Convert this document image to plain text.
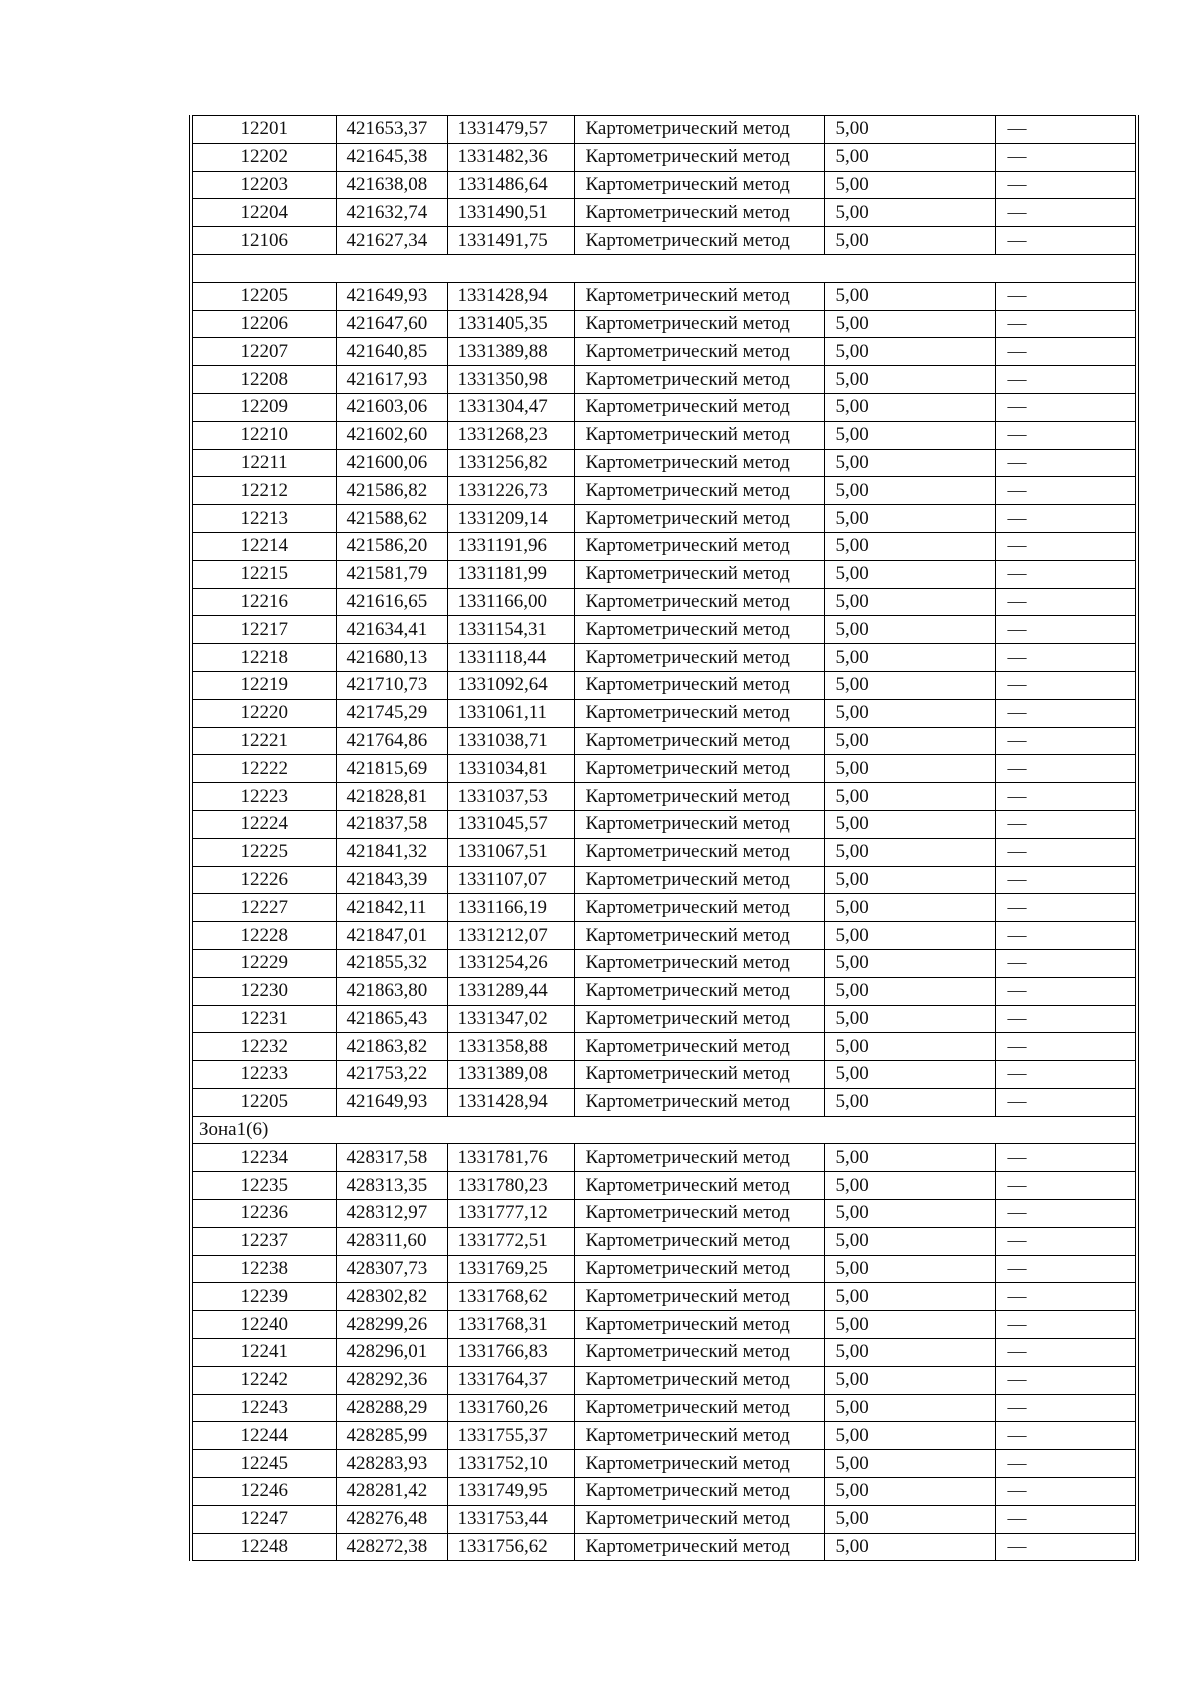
12201	421653,37	1331479,57	Картометрический метод	5,00	—
12202	421645,38	1331482,36	Картометрический метод	5,00	—
12203	421638,08	1331486,64	Картометрический метод	5,00	—
12204	421632,74	1331490,51	Картометрический метод	5,00	—
12106	421627,34	1331491,75	Картометрический метод	5,00	—

12205	421649,93	1331428,94	Картометрический метод	5,00	—
12206	421647,60	1331405,35	Картометрический метод	5,00	—
12207	421640,85	1331389,88	Картометрический метод	5,00	—
12208	421617,93	1331350,98	Картометрический метод	5,00	—
12209	421603,06	1331304,47	Картометрический метод	5,00	—
12210	421602,60	1331268,23	Картометрический метод	5,00	—
12211	421600,06	1331256,82	Картометрический метод	5,00	—
12212	421586,82	1331226,73	Картометрический метод	5,00	—
12213	421588,62	1331209,14	Картометрический метод	5,00	—
12214	421586,20	1331191,96	Картометрический метод	5,00	—
12215	421581,79	1331181,99	Картометрический метод	5,00	—
12216	421616,65	1331166,00	Картометрический метод	5,00	—
12217	421634,41	1331154,31	Картометрический метод	5,00	—
12218	421680,13	1331118,44	Картометрический метод	5,00	—
12219	421710,73	1331092,64	Картометрический метод	5,00	—
12220	421745,29	1331061,11	Картометрический метод	5,00	—
12221	421764,86	1331038,71	Картометрический метод	5,00	—
12222	421815,69	1331034,81	Картометрический метод	5,00	—
12223	421828,81	1331037,53	Картометрический метод	5,00	—
12224	421837,58	1331045,57	Картометрический метод	5,00	—
12225	421841,32	1331067,51	Картометрический метод	5,00	—
12226	421843,39	1331107,07	Картометрический метод	5,00	—
12227	421842,11	1331166,19	Картометрический метод	5,00	—
12228	421847,01	1331212,07	Картометрический метод	5,00	—
12229	421855,32	1331254,26	Картометрический метод	5,00	—
12230	421863,80	1331289,44	Картометрический метод	5,00	—
12231	421865,43	1331347,02	Картометрический метод	5,00	—
12232	421863,82	1331358,88	Картометрический метод	5,00	—
12233	421753,22	1331389,08	Картометрический метод	5,00	—
12205	421649,93	1331428,94	Картометрический метод	5,00	—
Зона1(6)					
12234	428317,58	1331781,76	Картометрический метод	5,00	—
12235	428313,35	1331780,23	Картометрический метод	5,00	—
12236	428312,97	1331777,12	Картометрический метод	5,00	—
12237	428311,60	1331772,51	Картометрический метод	5,00	—
12238	428307,73	1331769,25	Картометрический метод	5,00	—
12239	428302,82	1331768,62	Картометрический метод	5,00	—
12240	428299,26	1331768,31	Картометрический метод	5,00	—
12241	428296,01	1331766,83	Картометрический метод	5,00	—
12242	428292,36	1331764,37	Картометрический метод	5,00	—
12243	428288,29	1331760,26	Картометрический метод	5,00	—
12244	428285,99	1331755,37	Картометрический метод	5,00	—
12245	428283,93	1331752,10	Картометрический метод	5,00	—
12246	428281,42	1331749,95	Картометрический метод	5,00	—
12247	428276,48	1331753,44	Картометрический метод	5,00	—
12248	428272,38	1331756,62	Картометрический метод	5,00	—
